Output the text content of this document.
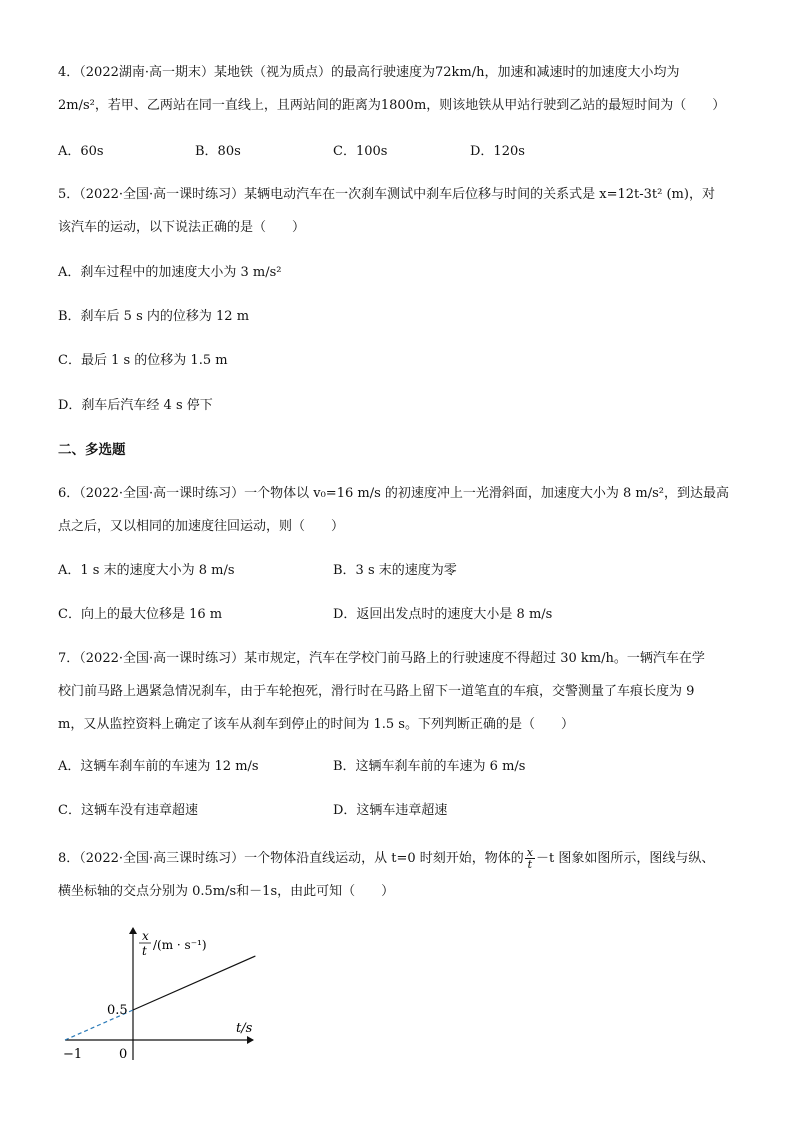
4．（2022湖南·高一期末）某地铁（视为质点）的最高行驶速度为72km/h，加速和减速时的加速度大小均为
2m/s²，若甲、乙两站在同一直线上，且两站间的距离为1800m，则该地铁从甲站行驶到乙站的最短时间为（　　）
A．60s	B．80s	C．100s	D．120s
5．（2022·全国·高一课时练习）某辆电动汽车在一次刹车测试中刹车后位移与时间的关系式是 x=12t-3t² (m)，对
该汽车的运动，以下说法正确的是（　　）
A．刹车过程中的加速度大小为 3 m/s²
B．刹车后 5 s 内的位移为 12 m
C．最后 1 s 的位移为 1.5 m
D．刹车后汽车经 4 s 停下
二、多选题
6．（2022·全国·高一课时练习）一个物体以 v₀=16 m/s 的初速度冲上一光滑斜面，加速度大小为 8 m/s²，到达最高
点之后，又以相同的加速度往回运动，则（　　）
A．1 s 末的速度大小为 8 m/s	B．3 s 末的速度为零
C．向上的最大位移是 16 m	D．返回出发点时的速度大小是 8 m/s
7．（2022·全国·高一课时练习）某市规定，汽车在学校门前马路上的行驶速度不得超过 30 km/h。一辆汽车在学
校门前马路上遇紧急情况刹车，由于车轮抱死，滑行时在马路上留下一道笔直的车痕，交警测量了车痕长度为 9
m，又从监控资料上确定了该车从刹车到停止的时间为 1.5 s。下列判断正确的是（　　）
A．这辆车刹车前的车速为 12 m/s	B．这辆车刹车前的车速为 6 m/s
C．这辆车没有违章超速	D．这辆车违章超速
8．（2022·全国·高三课时练习）一个物体沿直线运动，从 t=0 时刻开始，物体的 $\frac{x}{t} -t$ 图象如图所示，图线与纵、
横坐标轴的交点分别为 0.5m/s和－1s，由此可知（　　）
x
t /(m · s⁻¹)
0.5
t/s
−1	0
